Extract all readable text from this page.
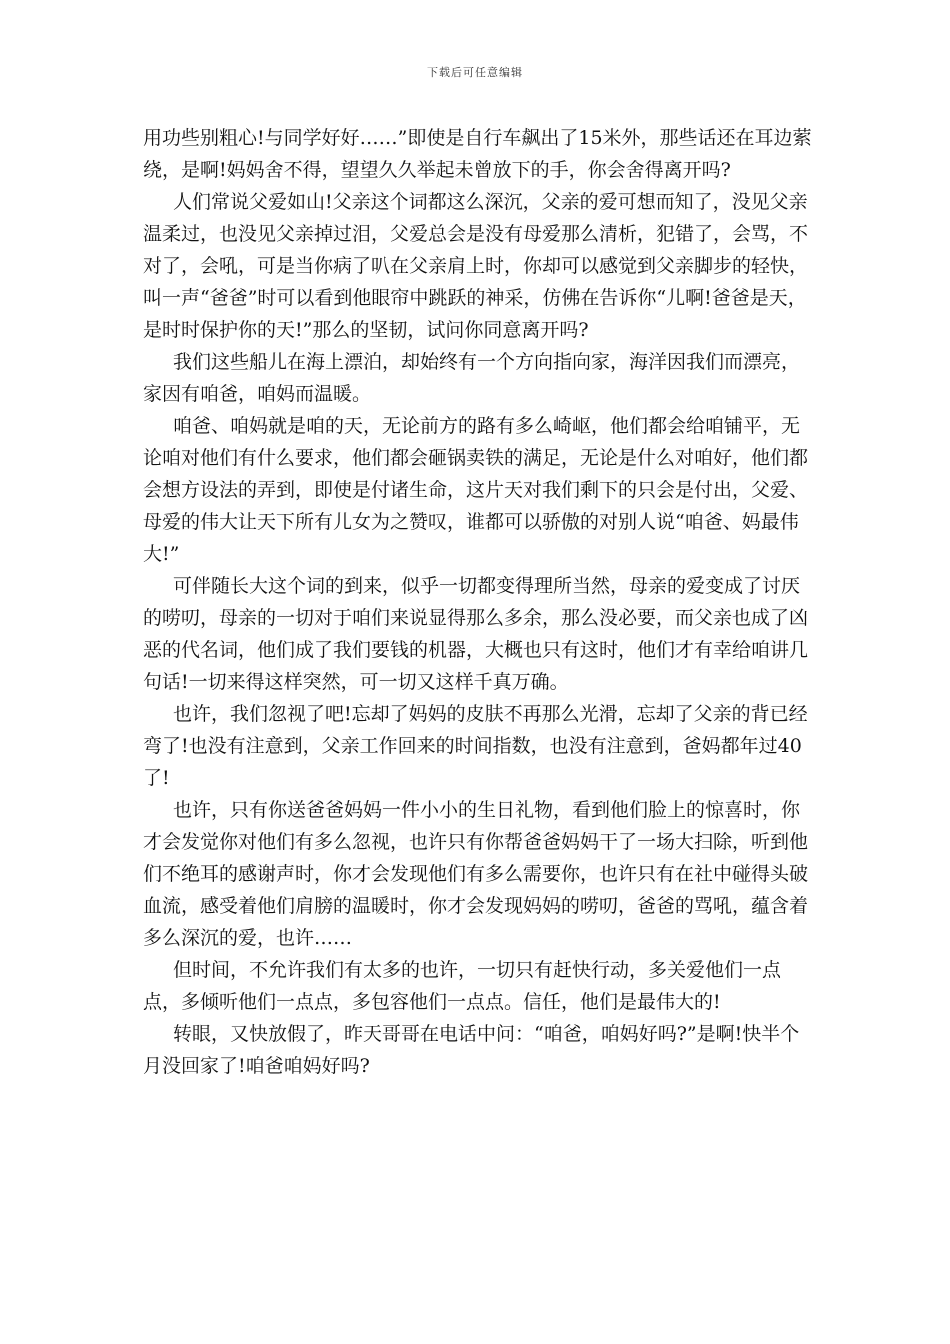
下载后可任意编辑

用功些别粗心!与同学好好……”即使是自行车飙出了15米外，那些话还在耳边萦绕，是啊!妈妈舍不得，望望久久举起未曾放下的手，你会舍得离开吗?

人们常说父爱如山!父亲这个词都这么深沉，父亲的爱可想而知了，没见父亲温柔过，也没见父亲掉过泪，父爱总会是没有母爱那么清析，犯错了，会骂，不对了，会吼，可是当你病了叭在父亲肩上时，你却可以感觉到父亲脚步的轻快，叫一声“爸爸”时可以看到他眼帘中跳跃的神采，仿佛在告诉你“儿啊!爸爸是天，是时时保护你的天!”那么的坚韧，试问你同意离开吗?

我们这些船儿在海上漂泊，却始终有一个方向指向家，海洋因我们而漂亮，家因有咱爸，咱妈而温暖。

咱爸、咱妈就是咱的天，无论前方的路有多么崎岖，他们都会给咱铺平，无论咱对他们有什么要求，他们都会砸锅卖铁的满足，无论是什么对咱好，他们都会想方设法的弄到，即使是付诸生命，这片天对我们剩下的只会是付出，父爱、母爱的伟大让天下所有儿女为之赞叹，谁都可以骄傲的对别人说“咱爸、妈最伟大!”

可伴随长大这个词的到来，似乎一切都变得理所当然，母亲的爱变成了讨厌的唠叨，母亲的一切对于咱们来说显得那么多余，那么没必要，而父亲也成了凶恶的代名词，他们成了我们要钱的机器，大概也只有这时，他们才有幸给咱讲几句话!一切来得这样突然，可一切又这样千真万确。

也许，我们忽视了吧!忘却了妈妈的皮肤不再那么光滑，忘却了父亲的背已经弯了!也没有注意到，父亲工作回来的时间指数，也没有注意到，爸妈都年过40了!

也许，只有你送爸爸妈妈一件小小的生日礼物，看到他们脸上的惊喜时，你才会发觉你对他们有多么忽视，也许只有你帮爸爸妈妈干了一场大扫除，听到他们不绝耳的感谢声时，你才会发现他们有多么需要你，也许只有在社中碰得头破血流，感受着他们肩膀的温暖时，你才会发现妈妈的唠叨，爸爸的骂吼，蕴含着多么深沉的爱，也许……

但时间，不允许我们有太多的也许，一切只有赶快行动，多关爱他们一点点，多倾听他们一点点，多包容他们一点点。信任，他们是最伟大的!

转眼，又快放假了，昨天哥哥在电话中问：“咱爸，咱妈好吗?”是啊!快半个月没回家了!咱爸咱妈好吗?
